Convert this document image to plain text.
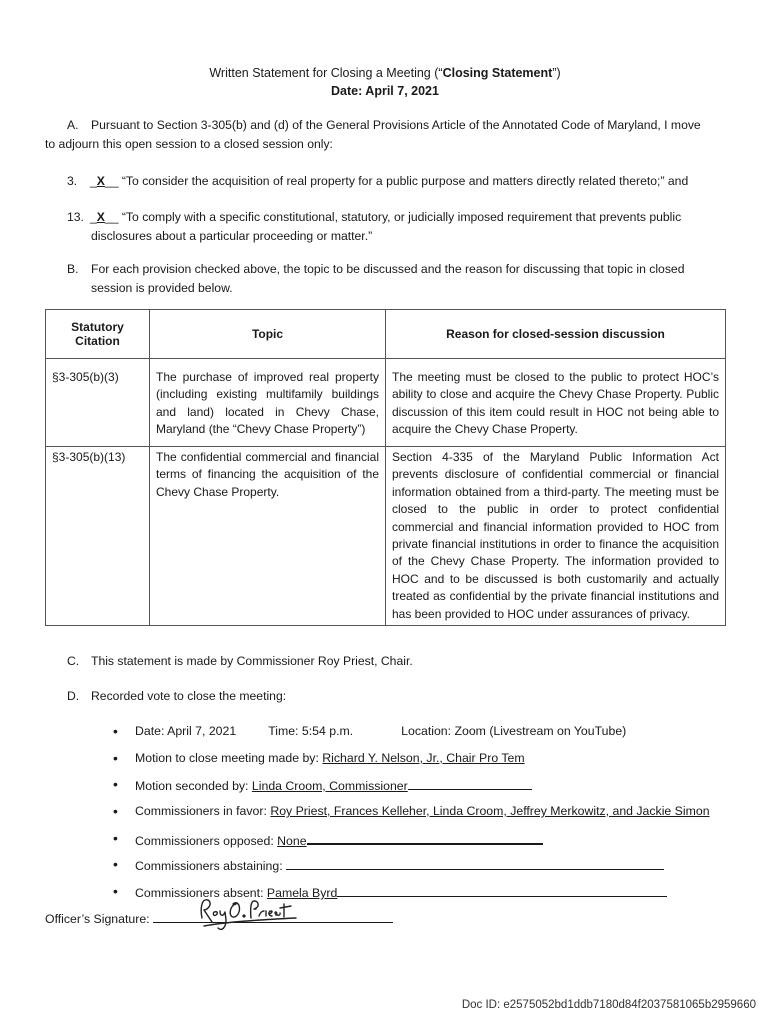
Written Statement for Closing a Meeting (“Closing Statement”)
Date: April 7, 2021
A. Pursuant to Section 3-305(b) and (d) of the General Provisions Article of the Annotated Code of Maryland, I move
to adjourn this open session to a closed session only:
3. _X__ “To consider the acquisition of real property for a public purpose and matters directly related thereto;” and
13. _X__ “To comply with a specific constitutional, statutory, or judicially imposed requirement that prevents public
disclosures about a particular proceeding or matter.”
B. For each provision checked above, the topic to be discussed and the reason for discussing that topic in closed
session is provided below.
Statutory Citation	Topic	Reason for closed-session discussion
§3-305(b)(3)	The purchase of improved real property (including existing multifamily buildings and land) located in Chevy Chase, Maryland (the “Chevy Chase Property”)	The meeting must be closed to the public to protect HOC’s ability to close and acquire the Chevy Chase Property. Public discussion of this item could result in HOC not being able to acquire the Chevy Chase Property.
§3-305(b)(13)	The confidential commercial and financial terms of financing the acquisition of the Chevy Chase Property.	Section 4-335 of the Maryland Public Information Act prevents disclosure of confidential commercial or financial information obtained from a third-party. The meeting must be closed to the public in order to protect confidential commercial and financial information provided to HOC from private financial institutions in order to finance the acquisition of the Chevy Chase Property. The information provided to HOC and to be discussed is both customarily and actually treated as confidential by the private financial institutions and has been provided to HOC under assurances of privacy.
C. This statement is made by Commissioner Roy Priest, Chair.
D. Recorded vote to close the meeting:
• Date: April 7, 2021	Time: 5:54 p.m.	Location: Zoom (Livestream on YouTube)
• Motion to close meeting made by: Richard Y. Nelson, Jr., Chair Pro Tem
• Motion seconded by: Linda Croom, Commissioner
• Commissioners in favor: Roy Priest, Frances Kelleher, Linda Croom, Jeffrey Merkowitz, and Jackie Simon
• Commissioners opposed: None
• Commissioners abstaining:
• Commissioners absent: Pamela Byrd
Officer’s Signature:
Doc ID: e2575052bd1ddb7180d84f2037581065b2959660
